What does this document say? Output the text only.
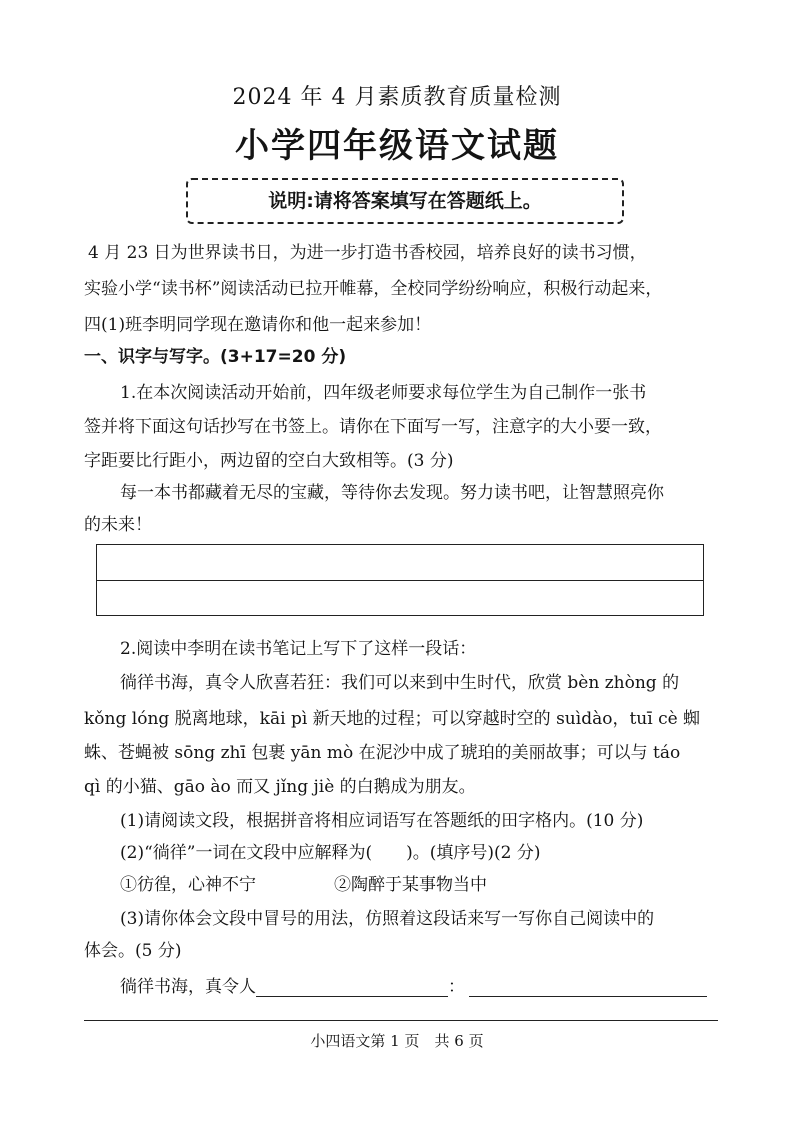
2024 年 4 月素质教育质量检测
小学四年级语文试题
说明:请将答案填写在答题纸上。
4 月 23 日为世界读书日，为进一步打造书香校园，培养良好的读书习惯，
实验小学“读书杯”阅读活动已拉开帷幕，全校同学纷纷响应，积极行动起来，
四(1)班李明同学现在邀请你和他一起来参加！
一、识字与写字。(3+17=20 分)
1.在本次阅读活动开始前，四年级老师要求每位学生为自己制作一张书
签并将下面这句话抄写在书签上。请你在下面写一写，注意字的大小要一致，
字距要比行距小，两边留的空白大致相等。(3 分)
每一本书都藏着无尽的宝藏，等待你去发现。努力读书吧，让智慧照亮你
的未来！
2.阅读中李明在读书笔记上写下了这样一段话：
徜徉书海，真令人欣喜若狂：我们可以来到中生时代，欣赏 bèn zhòng 的
kǒng lóng 脱离地球，kāi pì 新天地的过程；可以穿越时空的 suìdào，tuī cè 蜘
蛛、苍蝇被 sōng zhī 包裹 yān mò 在泥沙中成了琥珀的美丽故事；可以与 táo
qì 的小猫、gāo ào 而又 jǐng jiè 的白鹅成为朋友。
(1)请阅读文段，根据拼音将相应词语写在答题纸的田字格内。(10 分)
(2)“徜徉”一词在文段中应解释为(　　)。(填序号)(2 分)
①彷徨，心神不宁	②陶醉于某事物当中
(3)请你体会文段中冒号的用法，仿照着这段话来写一写你自己阅读中的
体会。(5 分)
徜徉书海，真令人	：
小四语文第 1 页　共 6 页
